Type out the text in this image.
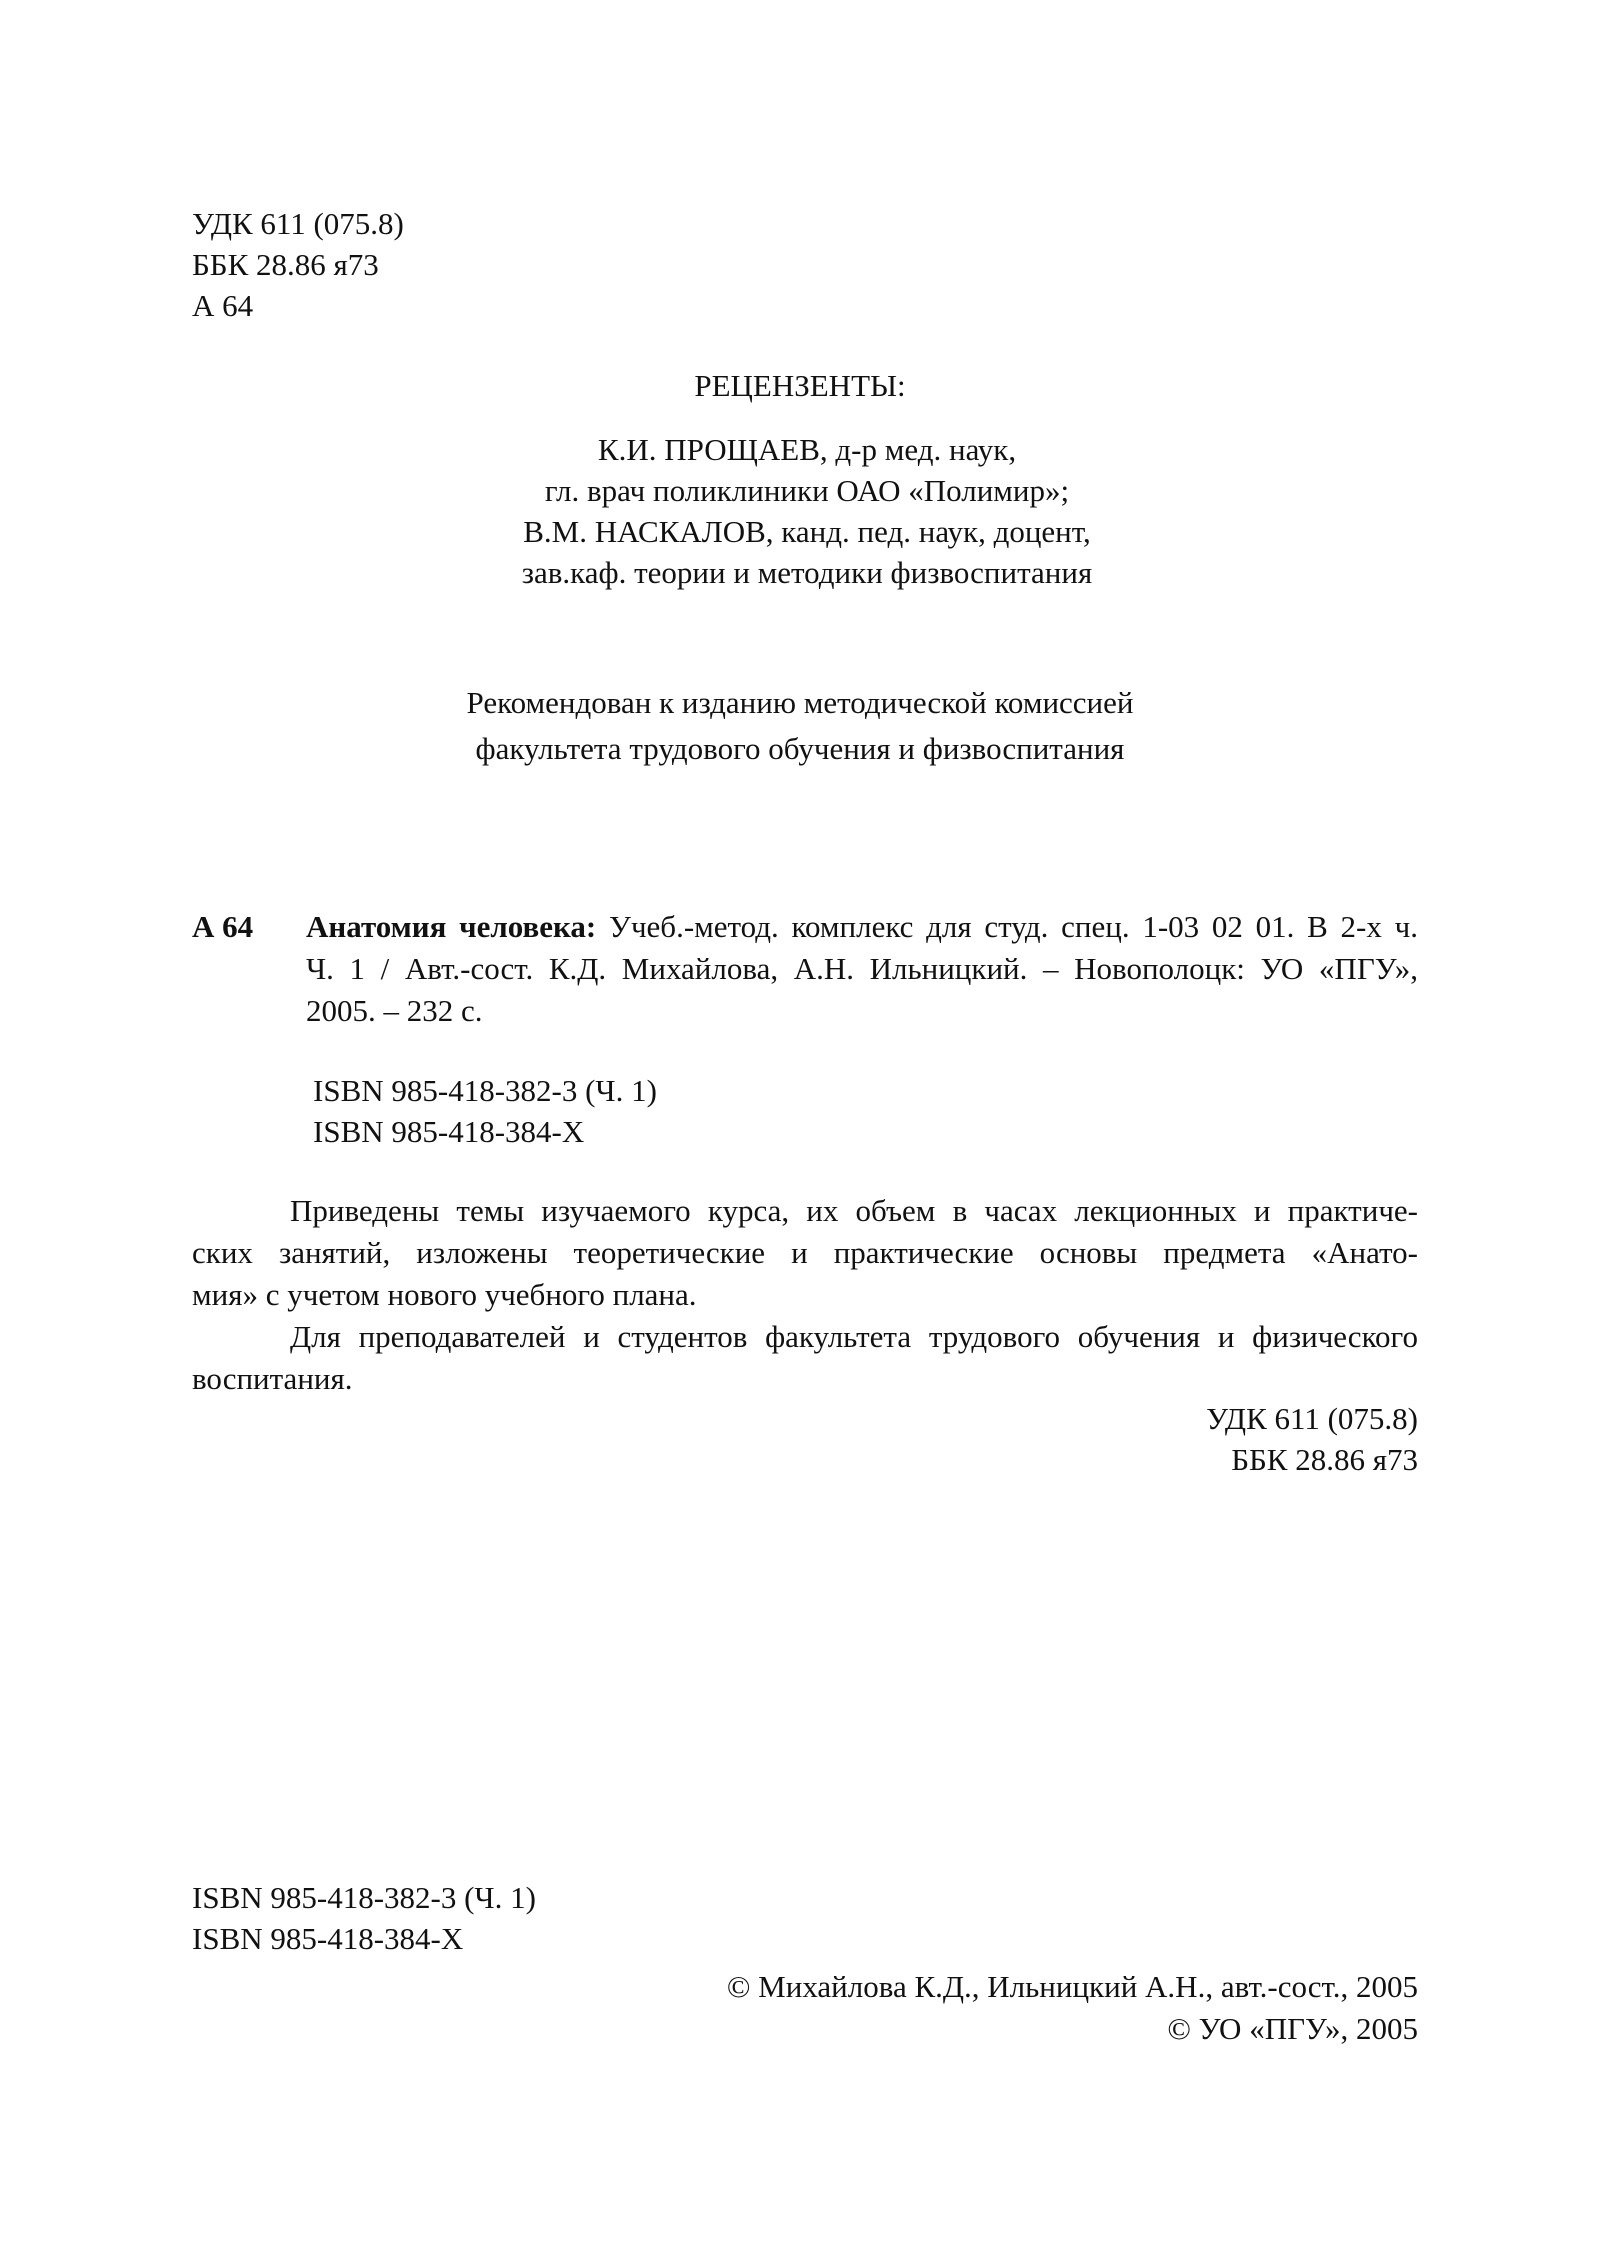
УДК 611 (075.8)
ББК 28.86 я73
А 64
РЕЦЕНЗЕНТЫ:
К.И. ПРОЩАЕВ, д-р мед. наук,
гл. врач поликлиники ОАО «Полимир»;
В.М. НАСКАЛОВ, канд. пед. наук, доцент,
зав.каф. теории и методики физвоспитания
Рекомендован к изданию методической комиссией
факультета трудового обучения и физвоспитания
А 64 Анатомия человека: Учеб.-метод. комплекс для студ. спец. 1-03 02 01. В 2-х ч.
Ч. 1 / Авт.-сост. К.Д. Михайлова, А.Н. Ильницкий. – Новополоцк: УО «ПГУ»,
2005. – 232 с.
ISBN 985-418-382-3 (Ч. 1)
ISBN 985-418-384-X
Приведены темы изучаемого курса, их объем в часах лекционных и практиче-
ских занятий, изложены теоретические и практические основы предмета «Анато-
мия» с учетом нового учебного плана.
Для преподавателей и студентов факультета трудового обучения и физического
воспитания.
УДК 611 (075.8)
ББК 28.86 я73
ISBN 985-418-382-3 (Ч. 1)
ISBN 985-418-384-X
© Михайлова К.Д., Ильницкий А.Н., авт.-сост., 2005
© УО «ПГУ», 2005
